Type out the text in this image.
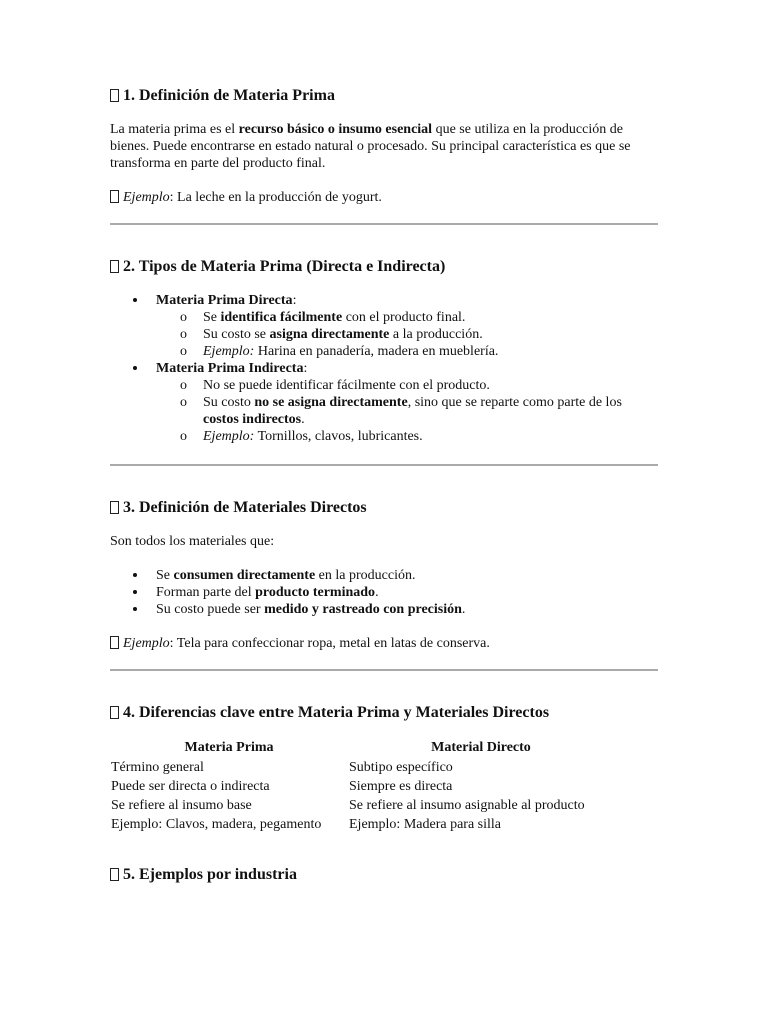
1. Definición de Materia Prima

La materia prima es el recurso básico o insumo esencial que se utiliza en la producción de bienes. Puede encontrarse en estado natural o procesado. Su principal característica es que se transforma en parte del producto final.

Ejemplo: La leche en la producción de yogurt.

2. Tipos de Materia Prima (Directa e Indirecta)
Materia Prima Directa:
o Se identifica fácilmente con el producto final.
o Su costo se asigna directamente a la producción.
o Ejemplo: Harina en panadería, madera en mueblería.
Materia Prima Indirecta:
o No se puede identificar fácilmente con el producto.
o Su costo no se asigna directamente, sino que se reparte como parte de los costos indirectos.
o Ejemplo: Tornillos, clavos, lubricantes.
3. Definición de Materiales Directos

Son todos los materiales que:

Se consumen directamente en la producción.
Forman parte del producto terminado.
Su costo puede ser medido y rastreado con precisión.

Ejemplo: Tela para confeccionar ropa, metal en latas de conserva.

4. Diferencias clave entre Materia Prima y Materiales Directos
Materia Prima	Material Directo
Término general	Subtipo específico
Puede ser directa o indirecta	Siempre es directa
Se refiere al insumo base	Se refiere al insumo asignable al producto
Ejemplo: Clavos, madera, pegamento	Ejemplo: Madera para silla
5. Ejemplos por industria
